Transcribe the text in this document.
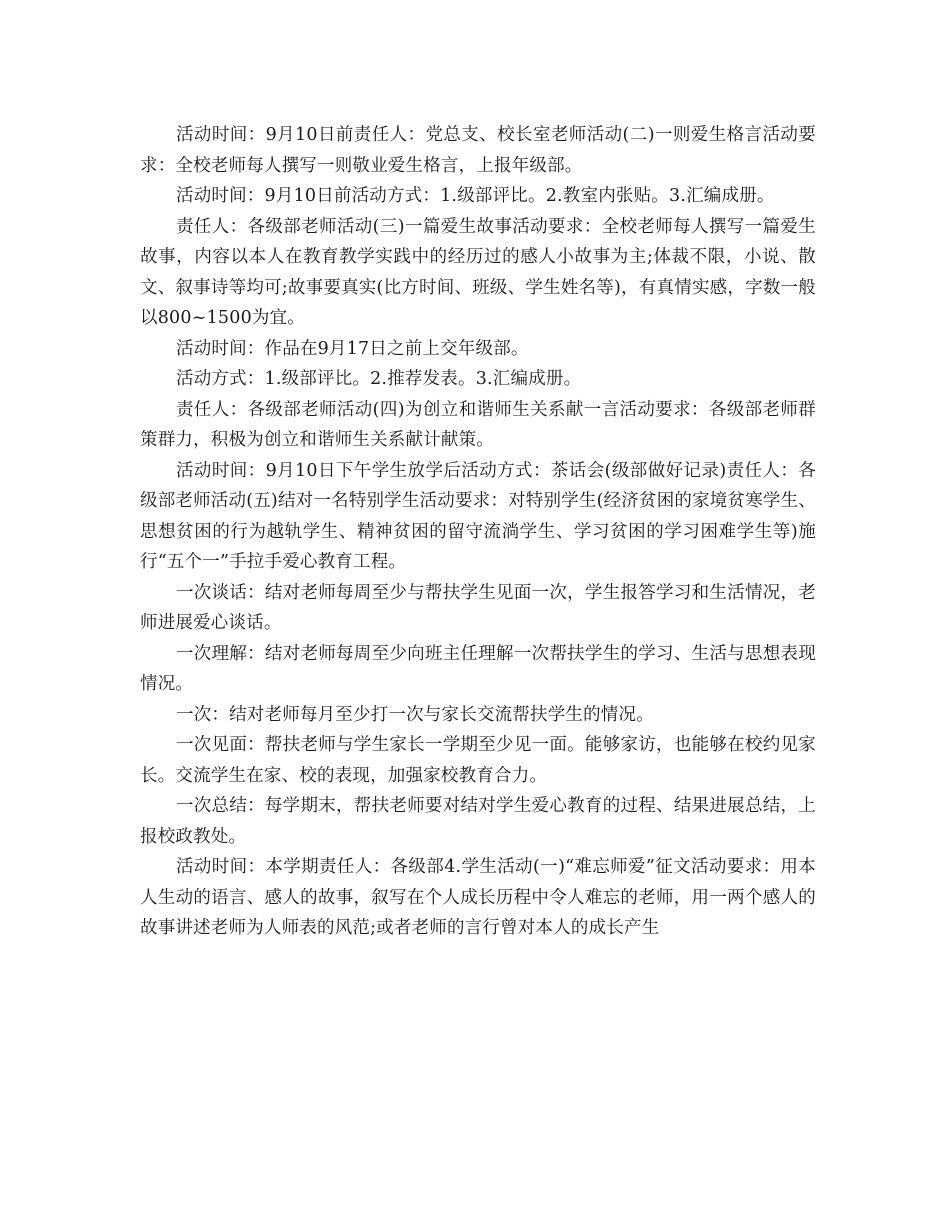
活动时间：9月10日前责任人：党总支、校长室老师活动(二)一则爱生格言活动要求：全校老师每人撰写一则敬业爱生格言，上报年级部。

活动时间：9月10日前活动方式：1.级部评比。2.教室内张贴。3.汇编成册。

责任人：各级部老师活动(三)一篇爱生故事活动要求：全校老师每人撰写一篇爱生故事，内容以本人在教育教学实践中的经历过的感人小故事为主;体裁不限，小说、散文、叙事诗等均可;故事要真实(比方时间、班级、学生姓名等)，有真情实感，字数一般以800~1500为宜。

活动时间：作品在9月17日之前上交年级部。

活动方式：1.级部评比。2.推荐发表。3.汇编成册。

责任人：各级部老师活动(四)为创立和谐师生关系献一言活动要求：各级部老师群策群力，积极为创立和谐师生关系献计献策。

活动时间：9月10日下午学生放学后活动方式：茶话会(级部做好记录)责任人：各级部老师活动(五)结对一名特别学生活动要求：对特别学生(经济贫困的家境贫寒学生、思想贫困的行为越轨学生、精神贫困的留守流淌学生、学习贫困的学习困难学生等)施行“五个一”手拉手爱心教育工程。

一次谈话：结对老师每周至少与帮扶学生见面一次，学生报答学习和生活情况，老师进展爱心谈话。

一次理解：结对老师每周至少向班主任理解一次帮扶学生的学习、生活与思想表现情况。

一次：结对老师每月至少打一次与家长交流帮扶学生的情况。

一次见面：帮扶老师与学生家长一学期至少见一面。能够家访，也能够在校约见家长。交流学生在家、校的表现，加强家校教育合力。

一次总结：每学期末，帮扶老师要对结对学生爱心教育的过程、结果进展总结，上报校政教处。

活动时间：本学期责任人：各级部4.学生活动(一)“难忘师爱”征文活动要求：用本人生动的语言、感人的故事，叙写在个人成长历程中令人难忘的老师，用一两个感人的故事讲述老师为人师表的风范;或者老师的言行曾对本人的成长产生
